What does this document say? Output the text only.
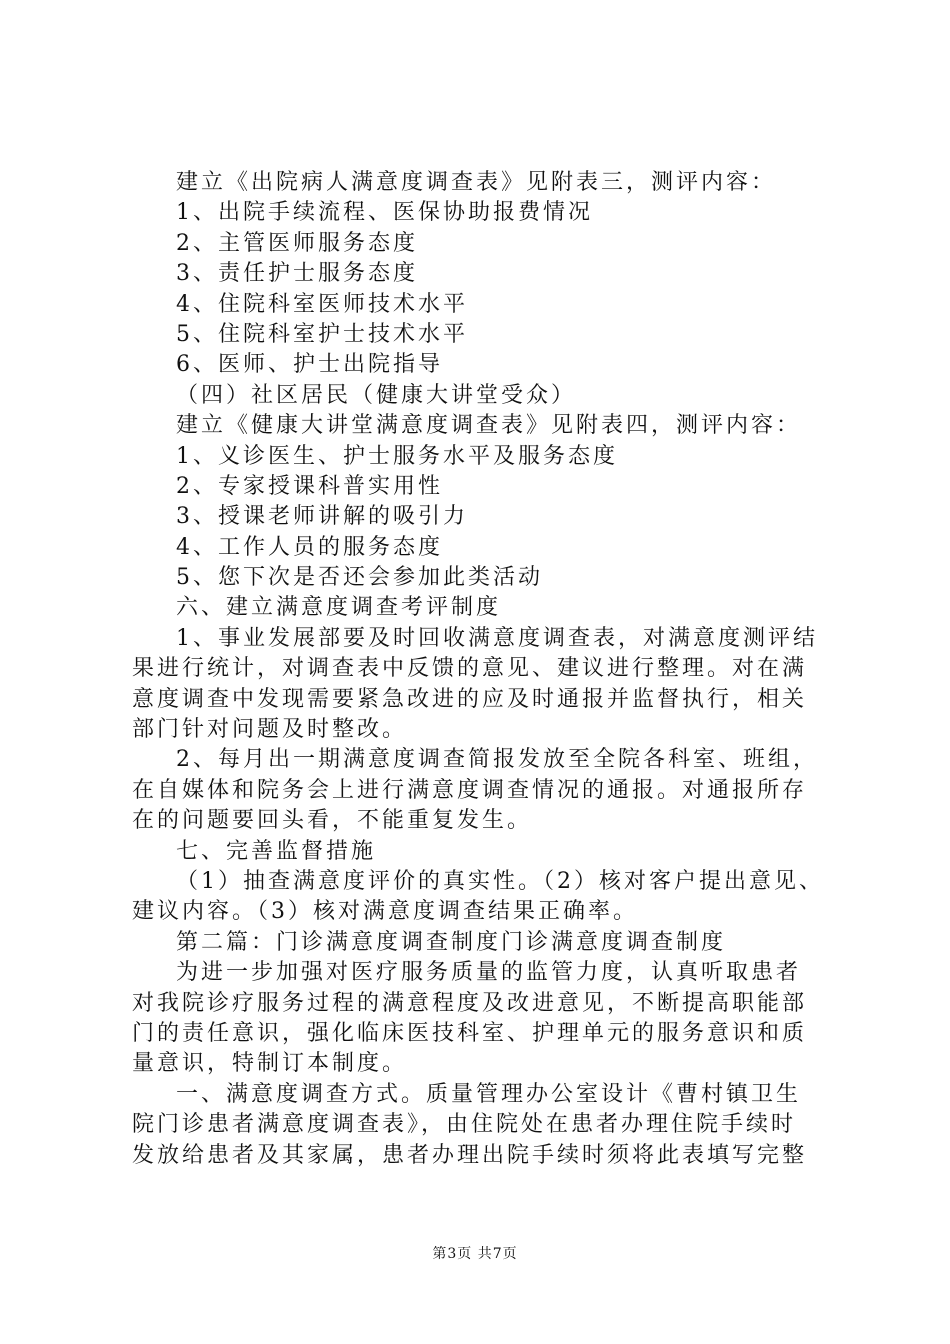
建立《出院病人满意度调查表》见附表三，测评内容：
1、出院手续流程、医保协助报费情况
2、主管医师服务态度
3、责任护士服务态度
4、住院科室医师技术水平
5、住院科室护士技术水平
6、医师、护士出院指导
（四）社区居民（健康大讲堂受众）
建立《健康大讲堂满意度调查表》见附表四，测评内容：
1、义诊医生、护士服务水平及服务态度
2、专家授课科普实用性
3、授课老师讲解的吸引力
4、工作人员的服务态度
5、您下次是否还会参加此类活动
六、建立满意度调查考评制度
1、事业发展部要及时回收满意度调查表，对满意度测评结
果进行统计，对调查表中反馈的意见、建议进行整理。对在满
意度调查中发现需要紧急改进的应及时通报并监督执行，相关
部门针对问题及时整改。
2、每月出一期满意度调查简报发放至全院各科室、班组，
在自媒体和院务会上进行满意度调查情况的通报。对通报所存
在的问题要回头看，不能重复发生。
七、完善监督措施
（1）抽查满意度评价的真实性。（2）核对客户提出意见、
建议内容。（3）核对满意度调查结果正确率。
第二篇：门诊满意度调查制度门诊满意度调查制度
为进一步加强对医疗服务质量的监管力度，认真听取患者
对我院诊疗服务过程的满意程度及改进意见，不断提高职能部
门的责任意识，强化临床医技科室、护理单元的服务意识和质
量意识，特制订本制度。
一、满意度调查方式。质量管理办公室设计《曹村镇卫生
院门诊患者满意度调查表》，由住院处在患者办理住院手续时
发放给患者及其家属，患者办理出院手续时须将此表填写完整
第3页 共7页
